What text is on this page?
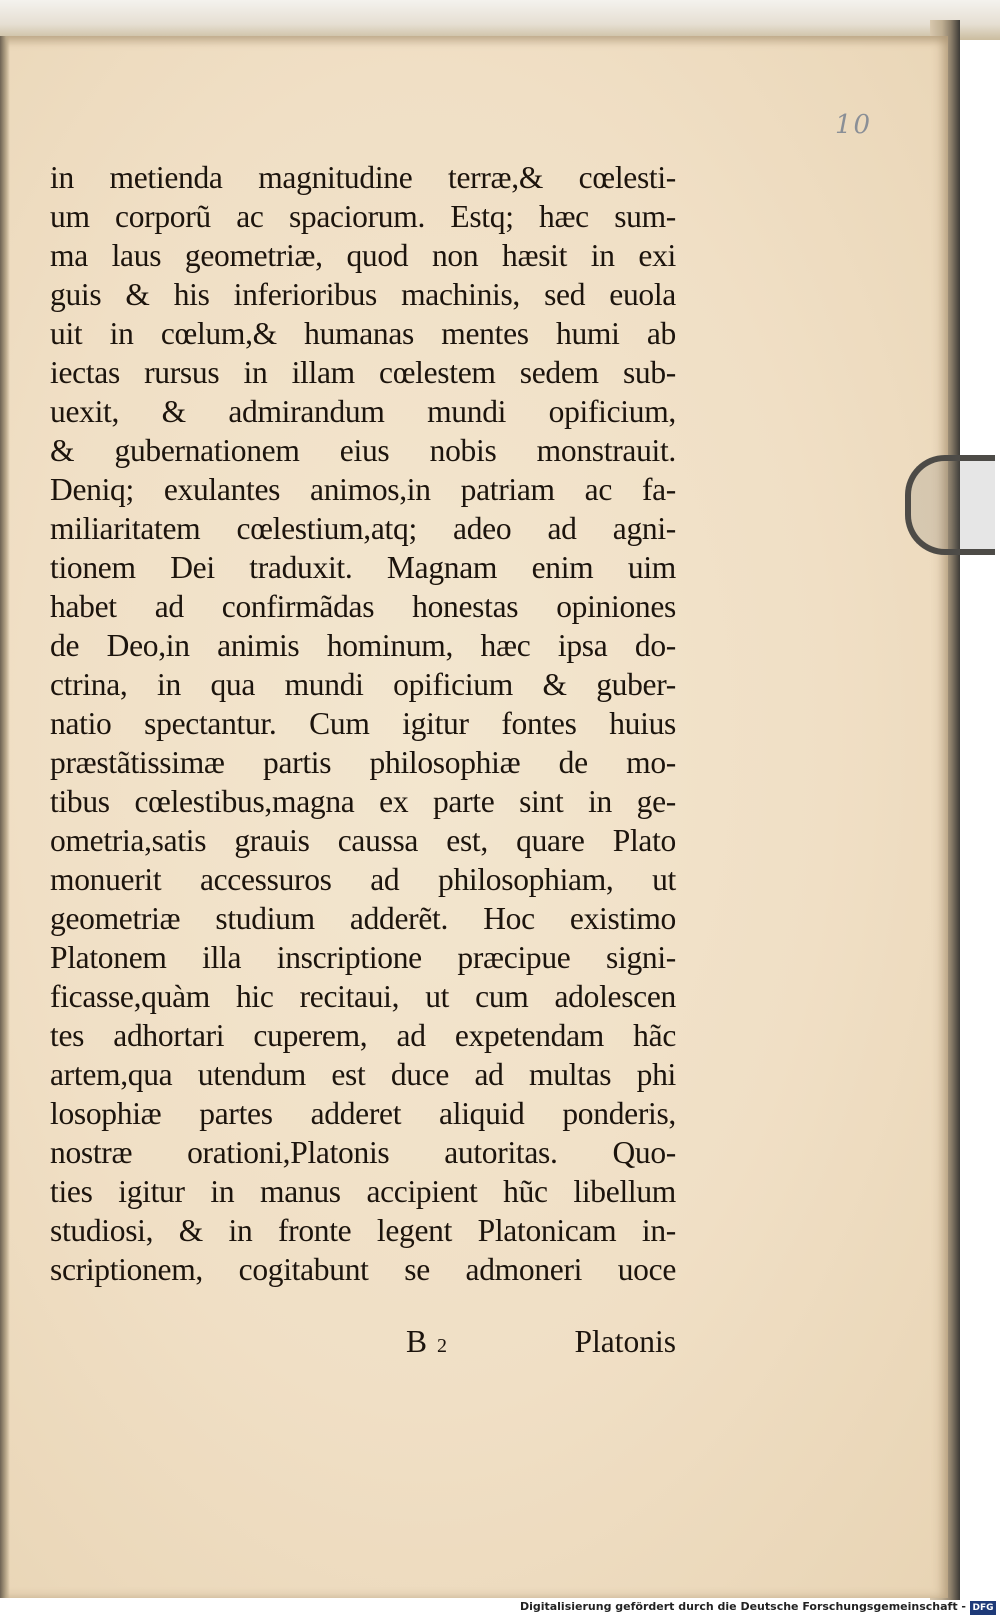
10
in metienda magnitudine terræ,& cœlesti-
um corporũ ac spaciorum. Estq; hæc sum-
ma laus geometriæ, quod non hæsit in exi
guis & his inferioribus machinis, sed euola
uit in cœlum,& humanas mentes humi ab
iectas rursus in illam cœlestem sedem sub-
uexit, & admirandum mundi opificium,
& gubernationem eius nobis monstrauit.
Deniq; exulantes animos,in patriam ac fa-
miliaritatem cœlestium,atq; adeo ad agni-
tionem Dei traduxit. Magnam enim uim
habet ad confirmãdas honestas opiniones
de Deo,in animis hominum, hæc ipsa do-
ctrina, in qua mundi opificium & guber-
natio spectantur. Cum igitur fontes huius
præstãtissimæ partis philosophiæ de mo-
tibus cœlestibus,magna ex parte sint in ge-
ometria,satis grauis caussa est, quare Plato
monuerit accessuros ad philosophiam, ut
geometriæ studium adderẽt. Hoc existimo
Platonem illa inscriptione præcipue signi-
ficasse,quàm hic recitaui, ut cum adolescen
tes adhortari cuperem, ad expetendam hãc
artem,qua utendum est duce ad multas phi
losophiæ partes adderet aliquid ponderis,
nostræ orationi,Platonis autoritas. Quo-
ties igitur in manus accipient hũc libellum
studiosi, & in fronte legent Platonicam in-
scriptionem, cogitabunt se admoneri uoce
B 2	Platonis
Digitalisierung gefördert durch die Deutsche Forschungsgemeinschaft - DFG
